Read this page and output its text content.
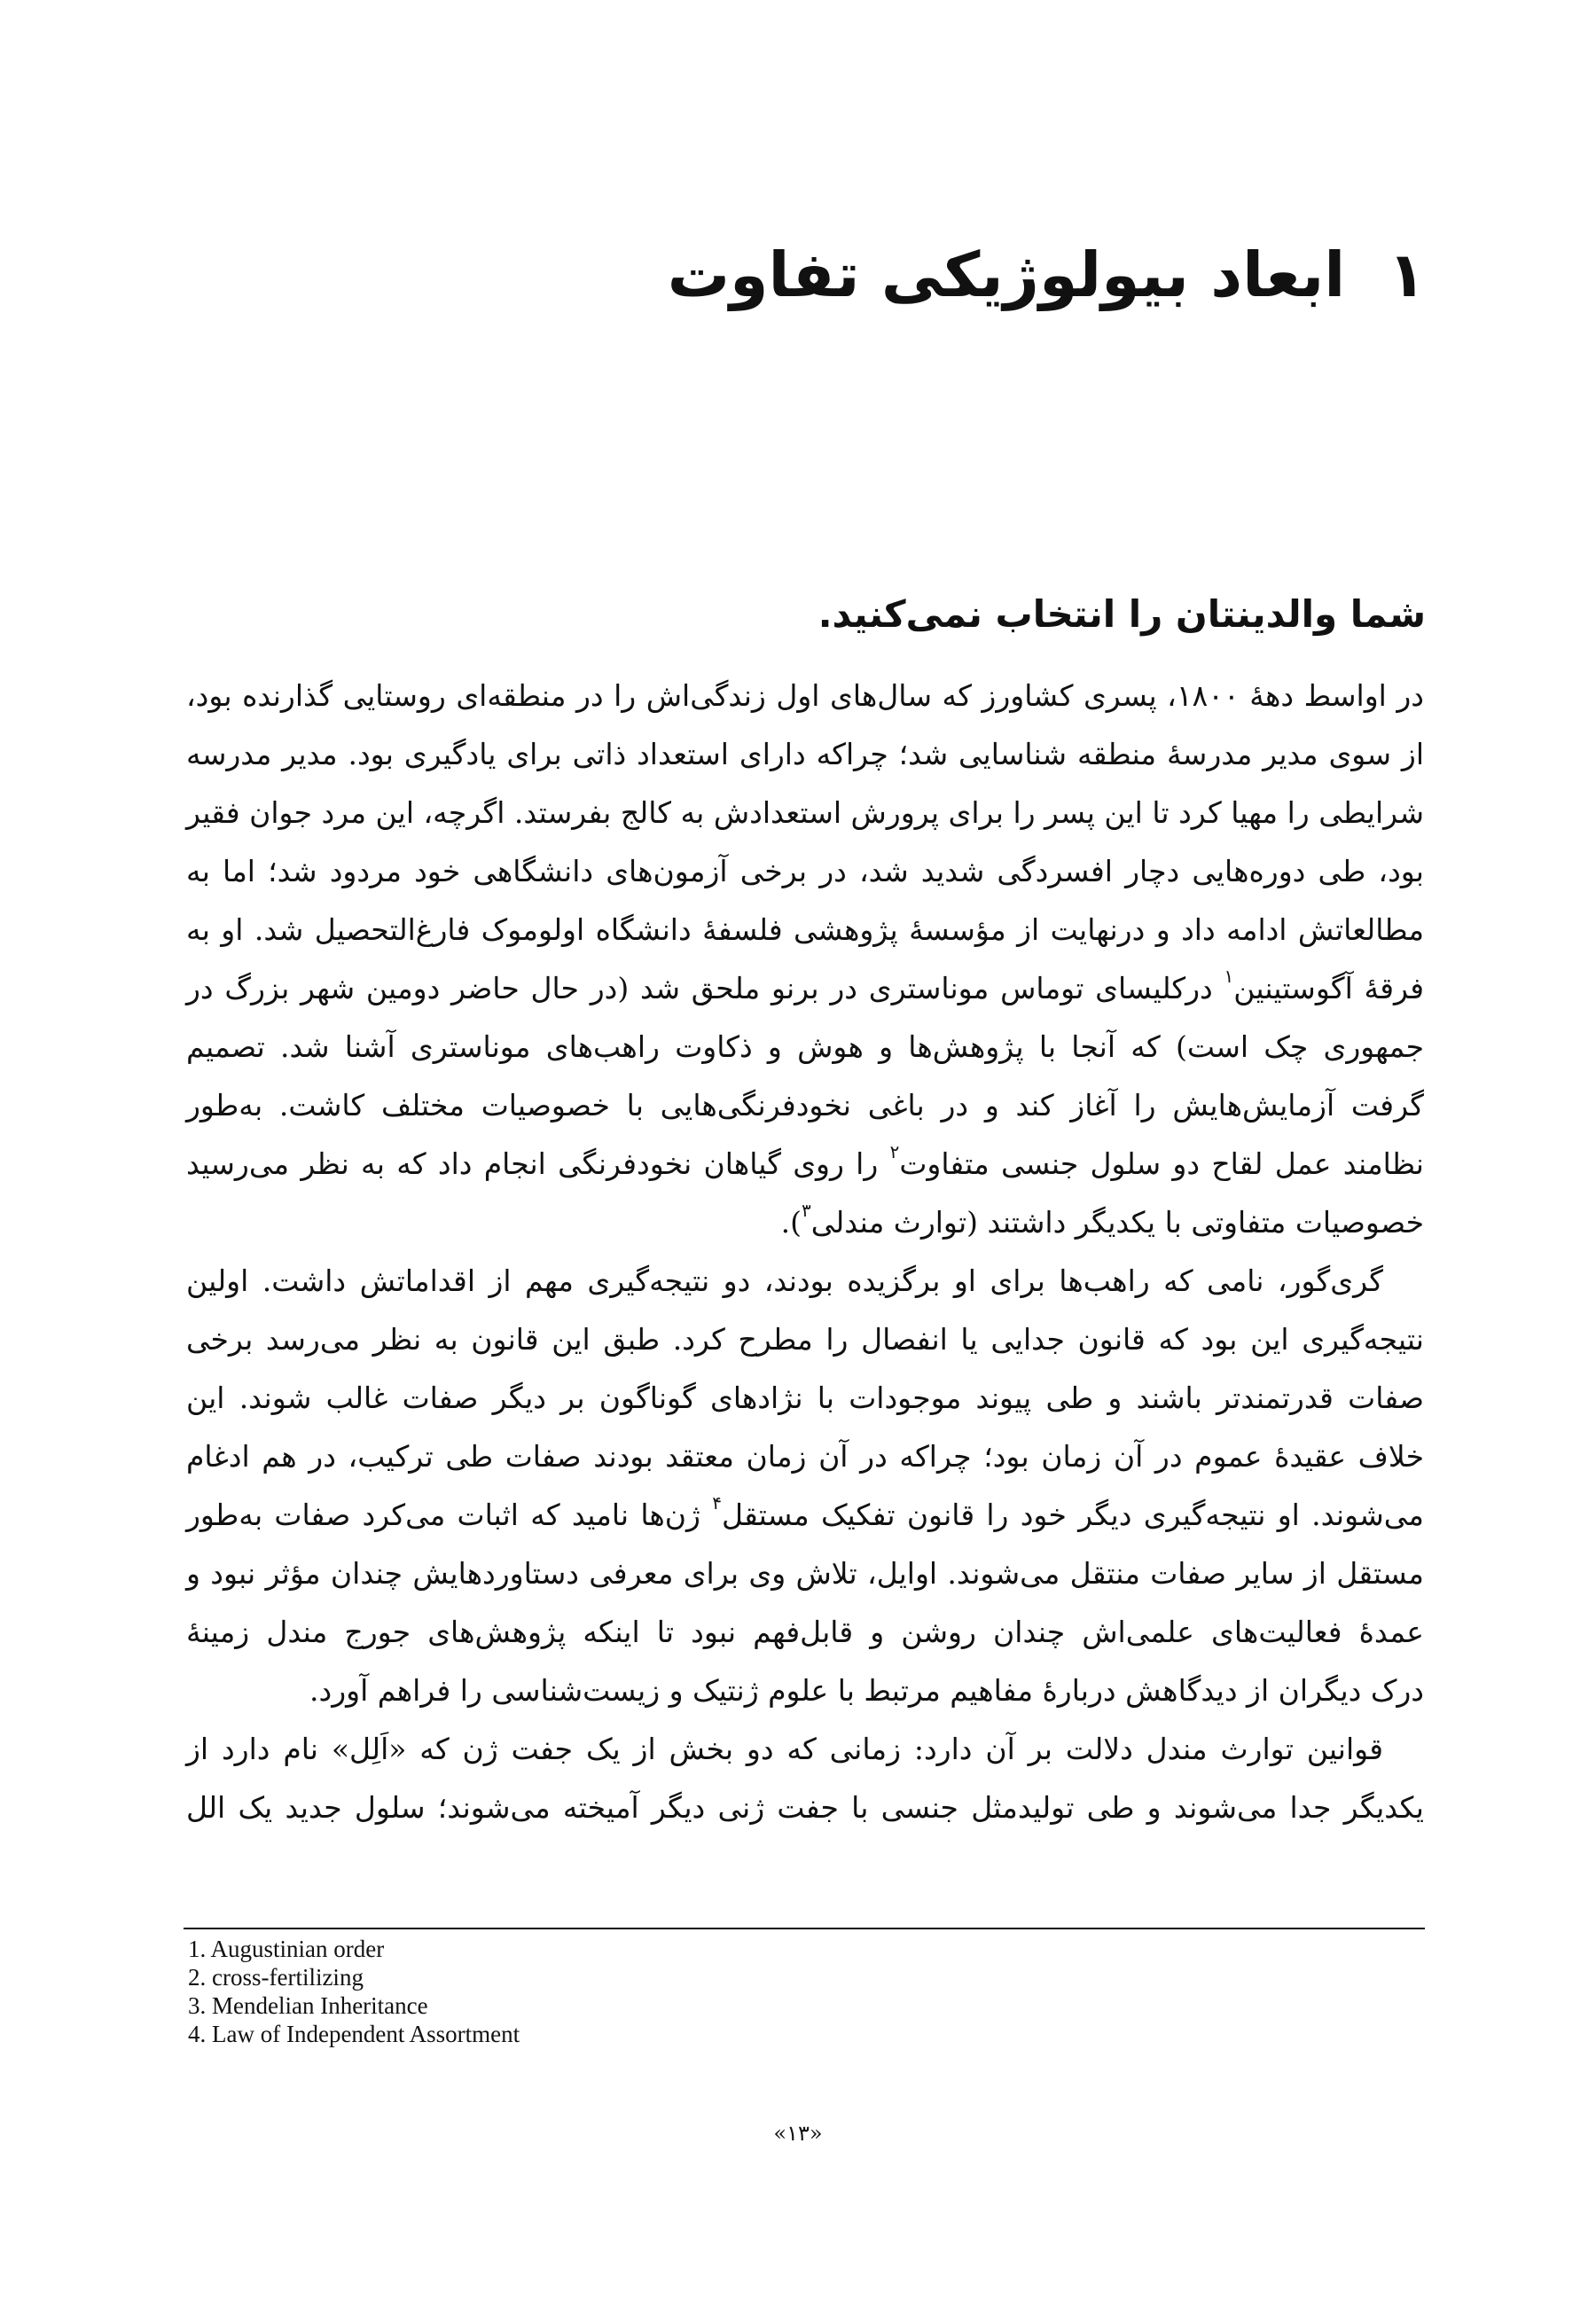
۱ابعاد بیولوژیکی تفاوت
شما والدینتان را انتخاب نمی‌کنید.
در اواسط دهۀ ۱۸۰۰، پسری کشاورز که سال‌های اول زندگی‌اش را در منطقه‌ای روستایی گذارنده بود،
از سوی مدیر مدرسۀ منطقه شناسایی شد؛ چراکه دارای استعداد ذاتی برای یادگیری بود. مدیر مدرسه
شرایطی را مهیا کرد تا این پسر را برای پرورش استعدادش به کالج بفرستد. اگرچه، این مرد جوان فقیر
بود، طی دوره‌هایی دچار افسردگی شدید شد، در برخی آزمون‌های دانشگاهی خود مردود شد؛ اما به
مطالعاتش ادامه داد و درنهایت از مؤسسۀ پژوهشی فلسفۀ دانشگاه اولوموک فارغ‌التحصیل شد. او به
فرقۀ آگوستینین$^۱$ درکلیسای توماس موناستری در برنو ملحق شد (در حال حاضر دومین شهر بزرگ در
جمهوری چک است) که آنجا با پژوهش‌ها و هوش و ذکاوت راهب‌های موناستری آشنا شد. تصمیم
گرفت آزمایش‌هایش را آغاز کند و در باغی نخودفرنگی‌هایی با خصوصیات مختلف کاشت. به‌طور
نظامند عمل لقاح دو سلول جنسی متفاوت$^۲$ را روی گیاهان نخودفرنگی انجام داد که به نظر می‌رسید
خصوصیات متفاوتی با یکدیگر داشتند (توارث مندلی$^۳$).
گری‌گور، نامی که راهب‌ها برای او برگزیده بودند، دو نتیجه‌گیری مهم از اقداماتش داشت. اولین
نتیجه‌گیری این بود که قانون جدایی یا انفصال را مطرح کرد. طبق این قانون به نظر می‌رسد برخی
صفات قدرتمندتر باشند و طی پیوند موجودات با نژادهای گوناگون بر دیگر صفات غالب شوند. این
خلاف عقیدۀ عموم در آن زمان بود؛ چراکه در آن زمان معتقد بودند صفات طی ترکیب، در هم ادغام
می‌شوند. او نتیجه‌گیری دیگر خود را قانون تفکیک مستقل$^۴$ ژن‌ها نامید که اثبات می‌کرد صفات به‌طور
مستقل از سایر صفات منتقل می‌شوند. اوایل، تلاش وی برای معرفی دستاوردهایش چندان مؤثر نبود و
عمدۀ فعالیت‌های علمی‌اش چندان روشن و قابل‌فهم نبود تا اینکه پژوهش‌های جورج مندل زمینۀ
درک دیگران از دیدگاهش دربارۀ مفاهیم مرتبط با علوم ژنتیک و زیست‌شناسی را فراهم آورد.
قوانین توارث مندل دلالت بر آن دارد: زمانی که دو بخش از یک جفت ژن که «اَلِل» نام دارد از
یکدیگر جدا می‌شوند و طی تولیدمثل جنسی با جفت ژنی دیگر آمیخته می‌شوند؛ سلول جدید یک الل
1. Augustinian order
2. cross-fertilizing
3. Mendelian Inheritance
4. Law of Independent Assortment
«۱۳»
